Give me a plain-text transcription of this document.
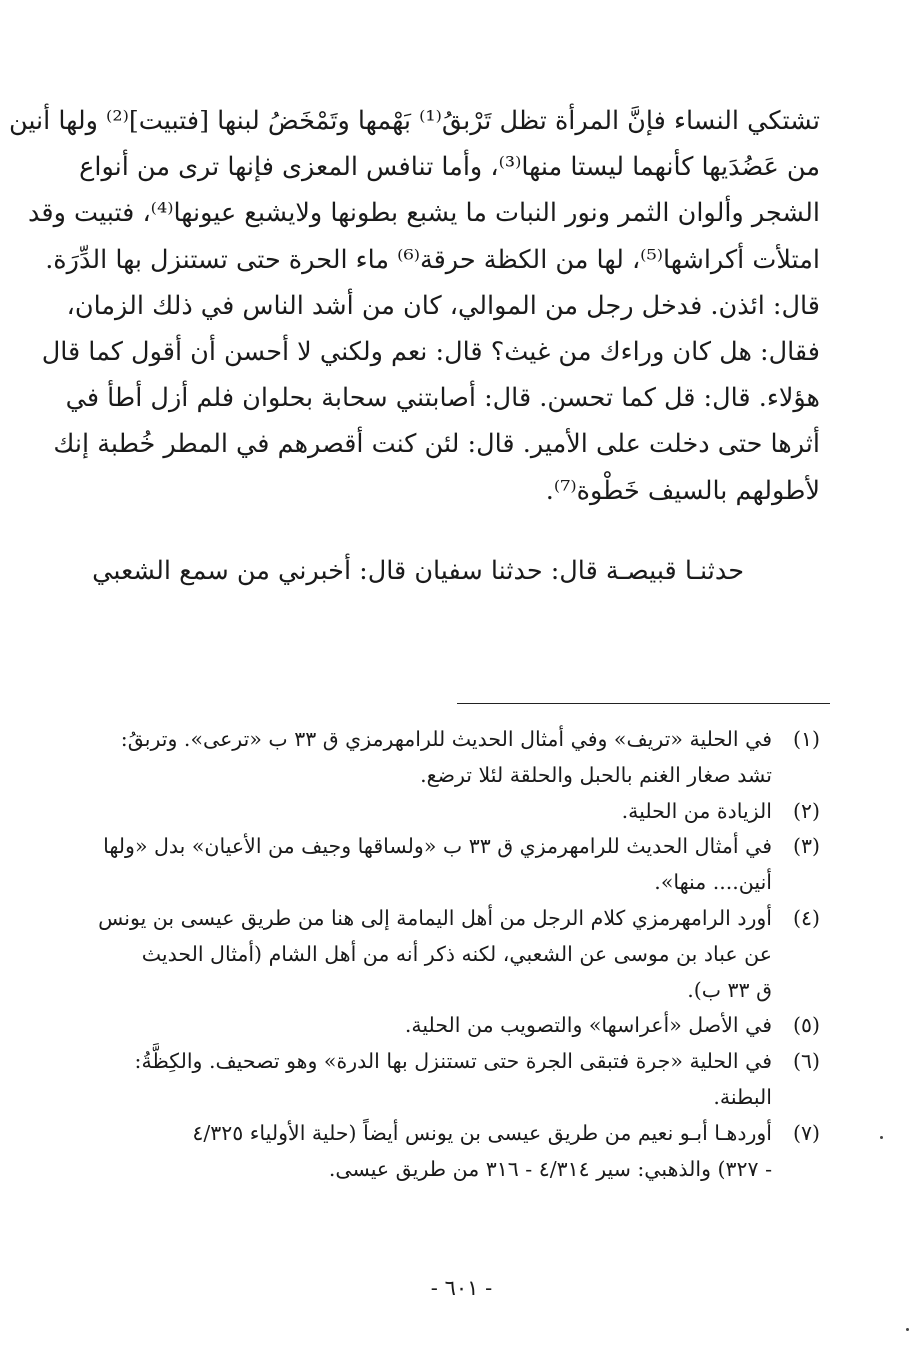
تشتكي النساء فإنَّ المرأة تظل تَرْبقُ⁽¹⁾ بَهْمها وتَمْخَضُ لبنها [فتبيت]⁽²⁾ ولها أنين

من عَضُدَيها كأنهما ليستا منها⁽³⁾، وأما تنافس المعزى فإنها ترى من أنواع

الشجر وألوان الثمر ونور النبات ما يشبع بطونها ولايشبع عيونها⁽⁴⁾، فتبيت وقد

امتلأت أكراشها⁽⁵⁾، لها من الكظة حرقة⁽⁶⁾ ماء الحرة حتى تستنزل بها الدِّرَة.

قال: ائذن. فدخل رجل من الموالي، كان من أشد الناس في ذلك الزمان،

فقال: هل كان وراءك من غيث؟ قال: نعم ولكني لا أحسن أن أقول كما قال

هؤلاء. قال: قل كما تحسن. قال: أصابتني سحابة بحلوان فلم أزل أطأ في

أثرها حتى دخلت على الأمير. قال: لئن كنت أقصرهم في المطر خُطبة إنك

لأطولهم بالسيف خَطْوة⁽⁷⁾.

حدثنـا قبيصـة قال: حدثنا سفيان قال: أخبرني من سمع الشعبي
(١)
في الحلية «تريف» وفي أمثال الحديث للرامهرمزي ق ٣٣ ب «ترعى». وتربقُ:
تشد صغار الغنم بالحبل والحلقة لئلا ترضع.
(٢)
الزيادة من الحلية.
(٣)
في أمثال الحديث للرامهرمزي ق ٣٣ ب «ولساقها وجيف من الأعيان» بدل «ولها
أنين.... منها».
(٤)
أورد الرامهرمزي كلام الرجل من أهل اليمامة إلى هنا من طريق عيسى بن يونس
عن عباد بن موسى عن الشعبي، لكنه ذكر أنه من أهل الشام (أمثال الحديث
ق ٣٣ ب).
(٥)
في الأصل «أعراسها» والتصويب من الحلية.
(٦)
في الحلية «جرة فتبقى الجرة حتى تستنزل بها الدرة» وهو تصحيف. والكِظَّةُ:
البطنة.
(٧)
أوردهـا أبـو نعيم من طريق عيسى بن يونس أيضاً (حلية الأولياء ٤/٣٢٥
- ٣٢٧) والذهبي: سير ٤/٣١٤ - ٣١٦ من طريق عيسى.
- ٦٠١ -
